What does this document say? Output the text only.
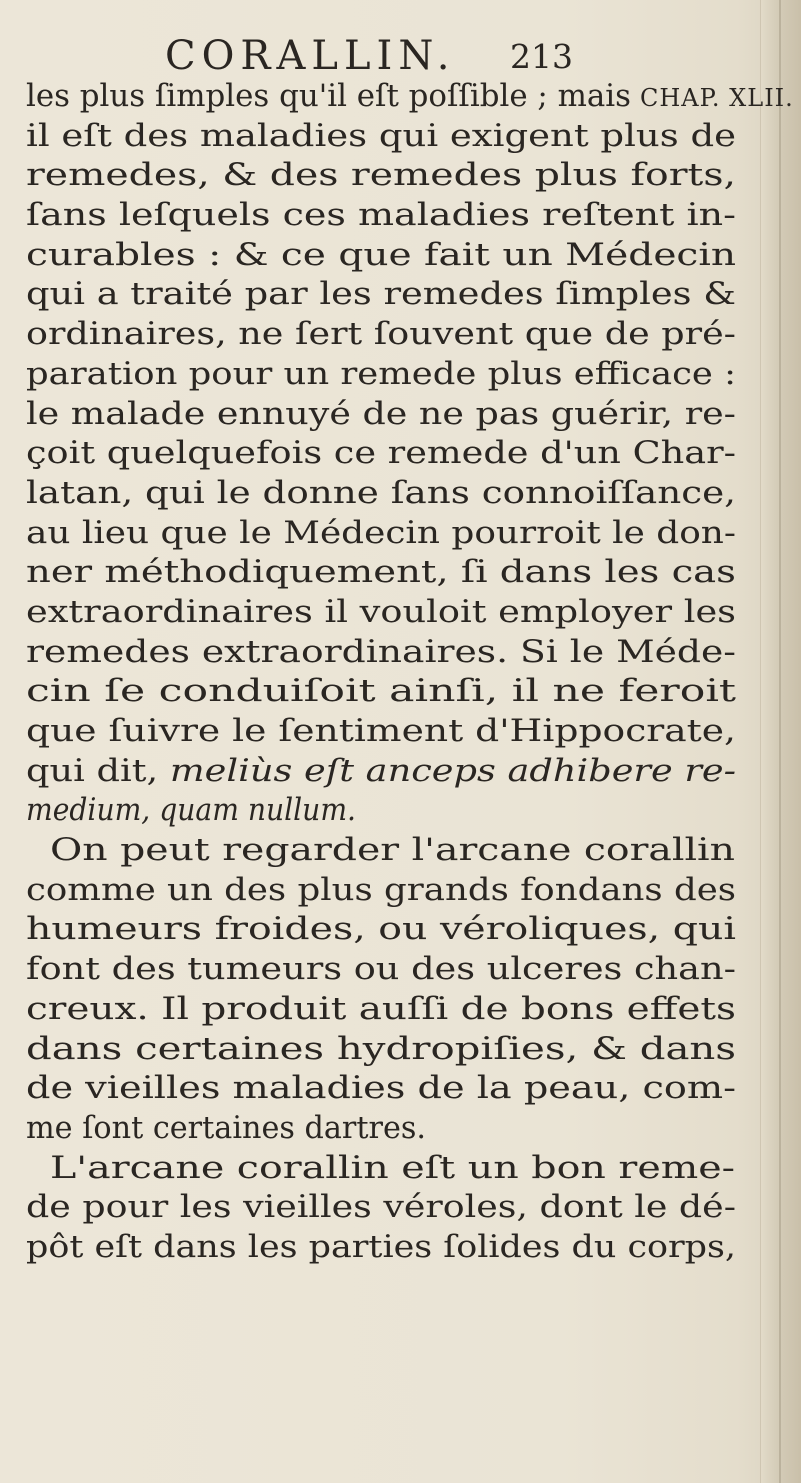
CORALLIN. 213
CHAP. XLII.
les plus ſimples qu'il eſt poſſible ; mais
il eſt des maladies qui exigent plus de
remedes, & des remedes plus forts,
ſans leſquels ces maladies reſtent in-
curables : & ce que fait un Médecin
qui a traité par les remedes ſimples &
ordinaires, ne ſert ſouvent que de pré-
paration pour un remede plus efficace :
le malade ennuyé de ne pas guérir, re-
çoit quelquefois ce remede d'un Char-
latan, qui le donne ſans connoiſſance,
au lieu que le Médecin pourroit le don-
ner méthodiquement, ſi dans les cas
extraordinaires il vouloit employer les
remedes extraordinaires. Si le Méde-
cin ſe conduiſoit ainſi, il ne feroit
que ſuivre le ſentiment d'Hippocrate,
qui dit, meliùs eſt anceps adhibere re-
medium, quam nullum.
On peut regarder l'arcane corallin
comme un des plus grands fondans des
humeurs froides, ou véroliques, qui
font des tumeurs ou des ulceres chan-
creux. Il produit auſſi de bons effets
dans certaines hydropiſies, & dans
de vieilles maladies de la peau, com-
me ſont certaines dartres.
L'arcane corallin eſt un bon reme-
de pour les vieilles véroles, dont le dé-
pôt eſt dans les parties ſolides du corps,
